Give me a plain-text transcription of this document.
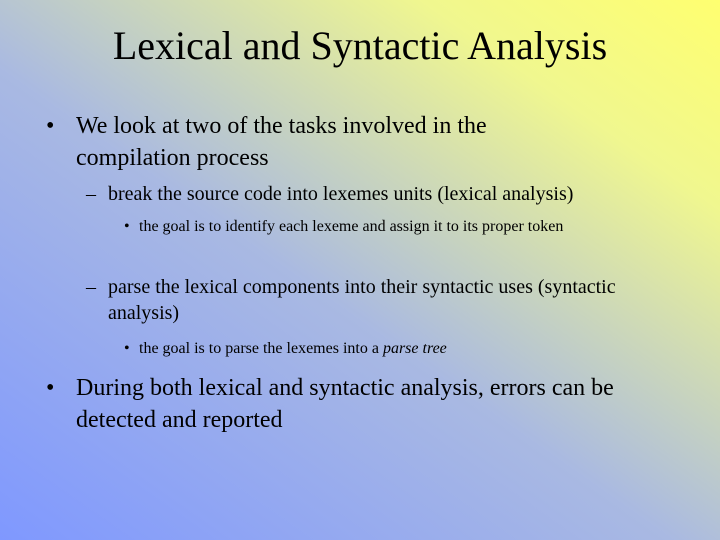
Lexical and Syntactic Analysis
• We look at two of the tasks involved in the compilation process
– break the source code into lexemes units (lexical analysis)
• the goal is to identify each lexeme and assign it to its proper token
– parse the lexical components into their syntactic uses (syntactic analysis)
• the goal is to parse the lexemes into a parse tree
• During both lexical and syntactic analysis, errors can be detected and reported
